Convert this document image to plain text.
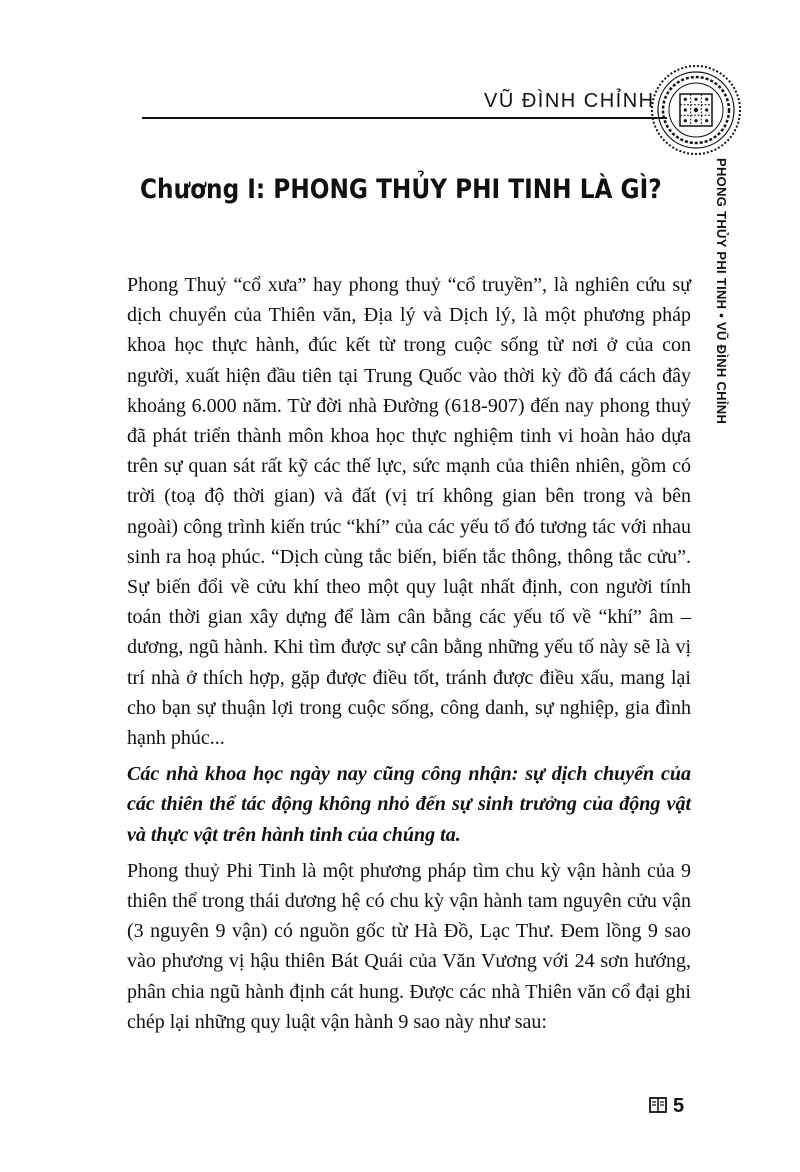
VŨ ĐÌNH CHỈNH
PHONG THỦY PHI TINH • VŨ ĐÌNH CHỈNH
Chương I: PHONG THỦY PHI TINH LÀ GÌ?

Phong Thuỷ “cổ xưa” hay phong thuỷ “cổ truyền”, là nghiên cứu sự dịch chuyển của Thiên văn, Địa lý và Dịch lý, là một phương pháp khoa học thực hành, đúc kết từ trong cuộc sống từ nơi ở của con người, xuất hiện đầu tiên tại Trung Quốc vào thời kỳ đồ đá cách đây khoảng 6.000 năm. Từ đời nhà Đường (618-907) đến nay phong thuỷ đã phát triển thành môn khoa học thực nghiệm tinh vi hoàn hảo dựa trên sự quan sát rất kỹ các thế lực, sức mạnh của thiên nhiên, gồm có trời (toạ độ thời gian) và đất (vị trí không gian bên trong và bên ngoài) công trình kiến trúc “khí” của các yếu tố đó tương tác với nhau sinh ra hoạ phúc. “Dịch cùng tắc biến, biến tắc thông, thông tắc cửu”. Sự biến đổi về cửu khí theo một quy luật nhất định, con người tính toán thời gian xây dựng để làm cân bằng các yếu tố về “khí” âm – dương, ngũ hành. Khi tìm được sự cân bằng những yếu tố này sẽ là vị trí nhà ở thích hợp, gặp được điều tốt, tránh được điều xấu, mang lại cho bạn sự thuận lợi trong cuộc sống, công danh, sự nghiệp, gia đình hạnh phúc...

Các nhà khoa học ngày nay cũng công nhận: sự dịch chuyển của các thiên thể tác động không nhỏ đến sự sinh trưởng của động vật và thực vật trên hành tinh của chúng ta.

Phong thuỷ Phi Tinh là một phương pháp tìm chu kỳ vận hành của 9 thiên thể trong thái dương hệ có chu kỳ vận hành tam nguyên cửu vận (3 nguyên 9 vận) có nguồn gốc từ Hà Đồ, Lạc Thư. Đem lồng 9 sao vào phương vị hậu thiên Bát Quái của Văn Vương với 24 sơn hướng, phân chia ngũ hành định cát hung. Được các nhà Thiên văn cổ đại ghi chép lại những quy luật vận hành 9 sao này như sau:

5
